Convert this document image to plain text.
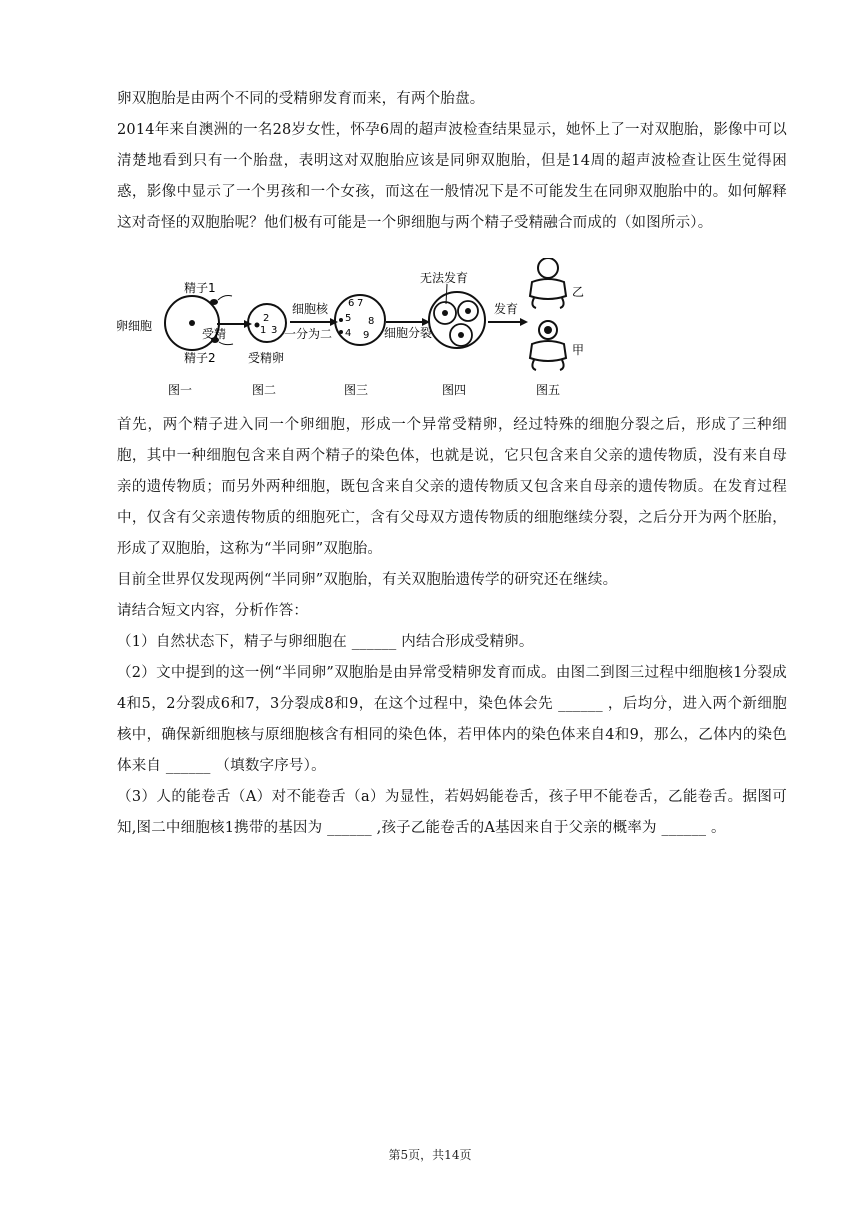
卵双胞胎是由两个不同的受精卵发育而来，有两个胎盘。

2014年来自澳洲的一名28岁女性，怀孕6周的超声波检查结果显示，她怀上了一对双胞胎，影像中可以清楚地看到只有一个胎盘，表明这对双胞胎应该是同卵双胞胎，但是14周的超声波检查让医生觉得困惑，影像中显示了一个男孩和一个女孩，而这在一般情况下是不可能发生在同卵双胞胎中的。如何解释这对奇怪的双胞胎呢？他们极有可能是一个卵细胞与两个精子受精融合而成的（如图所示）。

卵细胞
精子1
精子2
受精
图一
2
1 3
受精卵
图二
细胞核
一分为二
6 7
5 8
4 9
图三
细胞分裂
无法发育
图四
发育
乙
甲
图五

首先，两个精子进入同一个卵细胞，形成一个异常受精卵，经过特殊的细胞分裂之后，形成了三种细胞，其中一种细胞包含来自两个精子的染色体，也就是说，它只包含来自父亲的遗传物质，没有来自母亲的遗传物质；而另外两种细胞，既包含来自父亲的遗传物质又包含来自母亲的遗传物质。在发育过程中，仅含有父亲遗传物质的细胞死亡，含有父母双方遗传物质的细胞继续分裂，之后分开为两个胚胎，形成了双胞胎，这称为“半同卵”双胞胎。

目前全世界仅发现两例“半同卵”双胞胎，有关双胞胎遗传学的研究还在继续。

请结合短文内容，分析作答：

（1）自然状态下，精子与卵细胞在 ______ 内结合形成受精卵。

（2）文中提到的这一例“半同卵”双胞胎是由异常受精卵发育而成。由图二到图三过程中细胞核1分裂成4和5，2分裂成6和7，3分裂成8和9，在这个过程中，染色体会先 ______ ，后均分，进入两个新细胞核中，确保新细胞核与原细胞核含有相同的染色体，若甲体内的染色体来自4和9，那么，乙体内的染色体来自 ______ （填数字序号）。

（3）人的能卷舌（A）对不能卷舌（a）为显性，若妈妈能卷舌，孩子甲不能卷舌，乙能卷舌。据图可知,图二中细胞核1携带的基因为 ______ ,孩子乙能卷舌的A基因来自于父亲的概率为 ______ 。

第5页，共14页
